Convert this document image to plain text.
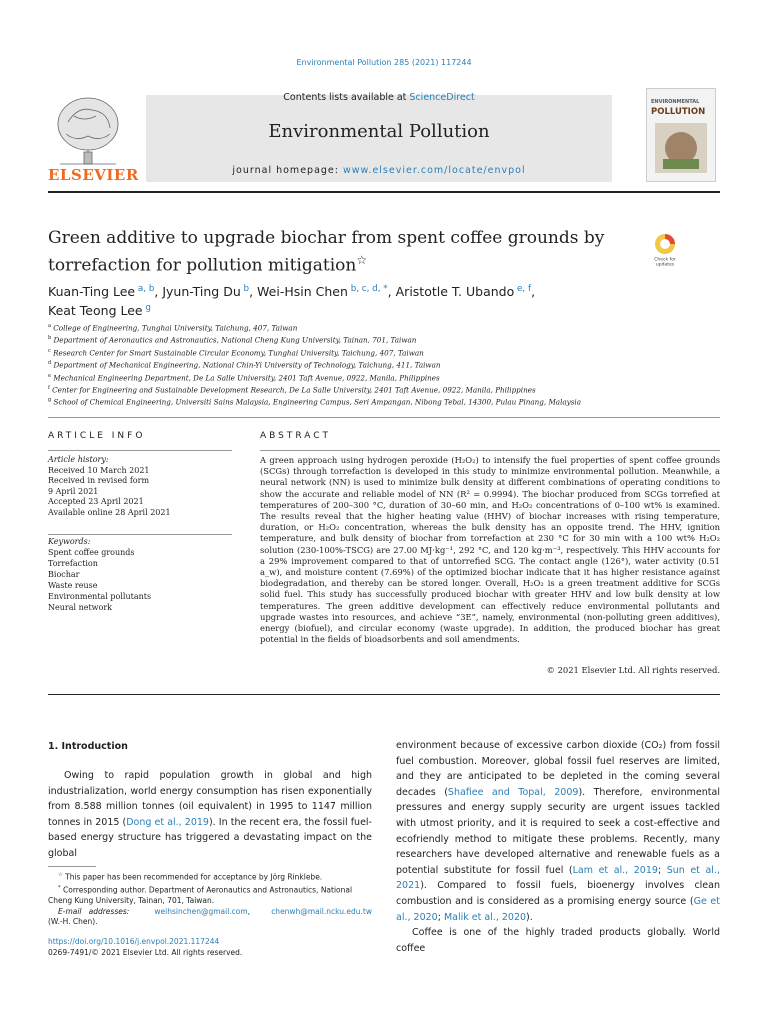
Environmental Pollution 285 (2021) 117244
ELSEVIER
Contents lists available at ScienceDirect
Environmental Pollution
journal homepage: www.elsevier.com/locate/envpol
ENVIRONMENTAL
POLLUTION
Green additive to upgrade biochar from spent coffee grounds by torrefaction for pollution mitigation☆	Check for
updates
Kuan-Ting Lee $^{a, b}$, Jyun-Ting Du $^b$, Wei-Hsin Chen $^{b, c, d, *}$, Aristotle T. Ubando $^{e, f}$,
Keat Teong Lee $^g$
$^a$ College of Engineering, Tunghai University, Taichung, 407, Taiwan
$^b$ Department of Aeronautics and Astronautics, National Cheng Kung University, Tainan, 701, Taiwan
$^c$ Research Center for Smart Sustainable Circular Economy, Tunghai University, Taichung, 407, Taiwan
$^d$ Department of Mechanical Engineering, National Chin-Yi University of Technology, Taichung, 411, Taiwan
$^e$ Mechanical Engineering Department, De La Salle University, 2401 Taft Avenue, 0922, Manila, Philippines
$^f$ Center for Engineering and Sustainable Development Research, De La Salle University, 2401 Taft Avenue, 0922, Manila, Philippines
$^g$ School of Chemical Engineering, Universiti Sains Malaysia, Engineering Campus, Seri Ampangan, Nibong Tebal, 14300, Pulau Pinang, Malaysia
ARTICLE INFO	ABSTRACT
Article history:
Received 10 March 2021
Received in revised form
9 April 2021
Accepted 23 April 2021
Available online 28 April 2021
Keywords:
Spent coffee grounds
Torrefaction
Biochar
Waste reuse
Environmental pollutants
Neural network
A green approach using hydrogen peroxide (H₂O₂) to intensify the fuel properties of spent coffee grounds (SCGs) through torrefaction is developed in this study to minimize environmental pollution. Meanwhile, a neural network (NN) is used to minimize bulk density at different combinations of operating conditions to show the accurate and reliable model of NN (R² = 0.9994). The biochar produced from SCGs torrefied at temperatures of 200–300 °C, duration of 30–60 min, and H₂O₂ concentrations of 0–100 wt% is examined. The results reveal that the higher heating value (HHV) of biochar increases with rising temperature, duration, or H₂O₂ concentration, whereas the bulk density has an opposite trend. The HHV, ignition temperature, and bulk density of biochar from torrefaction at 230 °C for 30 min with a 100 wt% H₂O₂ solution (230-100%-TSCG) are 27.00 MJ·kg⁻¹, 292 °C, and 120 kg·m⁻³, respectively. This HHV accounts for a 29% improvement compared to that of untorrefied SCG. The contact angle (126°), water activity (0.51 a_w), and moisture content (7.69%) of the optimized biochar indicate that it has higher resistance against biodegradation, and thereby can be stored longer. Overall, H₂O₂ is a green treatment additive for SCGs solid fuel. This study has successfully produced biochar with greater HHV and low bulk density at low temperatures. The green additive development can effectively reduce environmental pollutants and upgrade wastes into resources, and achieve “3E”, namely, environmental (non-polluting green additives), energy (biofuel), and circular economy (waste upgrade). In addition, the produced biochar has great potential in the fields of bioadsorbents and soil amendments.
© 2021 Elsevier Ltd. All rights reserved.
1. Introduction
Owing to rapid population growth in global and high industrialization, world energy consumption has risen exponentially from 8.588 million tonnes (oil equivalent) in 1995 to 1147 million tonnes in 2015 (Dong et al., 2019). In the recent era, the fossil fuel-based energy structure has triggered a devastating impact on the global
environment because of excessive carbon dioxide (CO₂) from fossil fuel combustion. Moreover, global fossil fuel reserves are limited, and they are anticipated to be depleted in the coming several decades (Shafiee and Topal, 2009). Therefore, environmental pressures and energy supply security are urgent issues tackled with utmost priority, and it is required to seek a cost-effective and ecofriendly method to mitigate these problems. Recently, many researchers have developed alternative and renewable fuels as a potential substitute for fossil fuel (Lam et al., 2019; Sun et al., 2021). Compared to fossil fuels, bioenergy involves clean combustion and is considered as a promising energy source (Ge et al., 2020; Malik et al., 2020).
Coffee is one of the highly traded products globally. World coffee
☆ This paper has been recommended for acceptance by Jörg Rinklebe.
* Corresponding author. Department of Aeronautics and Astronautics, National Cheng Kung University, Tainan, 701, Taiwan.
E-mail addresses:	weihsinchen@gmail.com, chenwh@mail.ncku.edu.tw (W.-H. Chen).
https://doi.org/10.1016/j.envpol.2021.117244
0269-7491/© 2021 Elsevier Ltd. All rights reserved.
